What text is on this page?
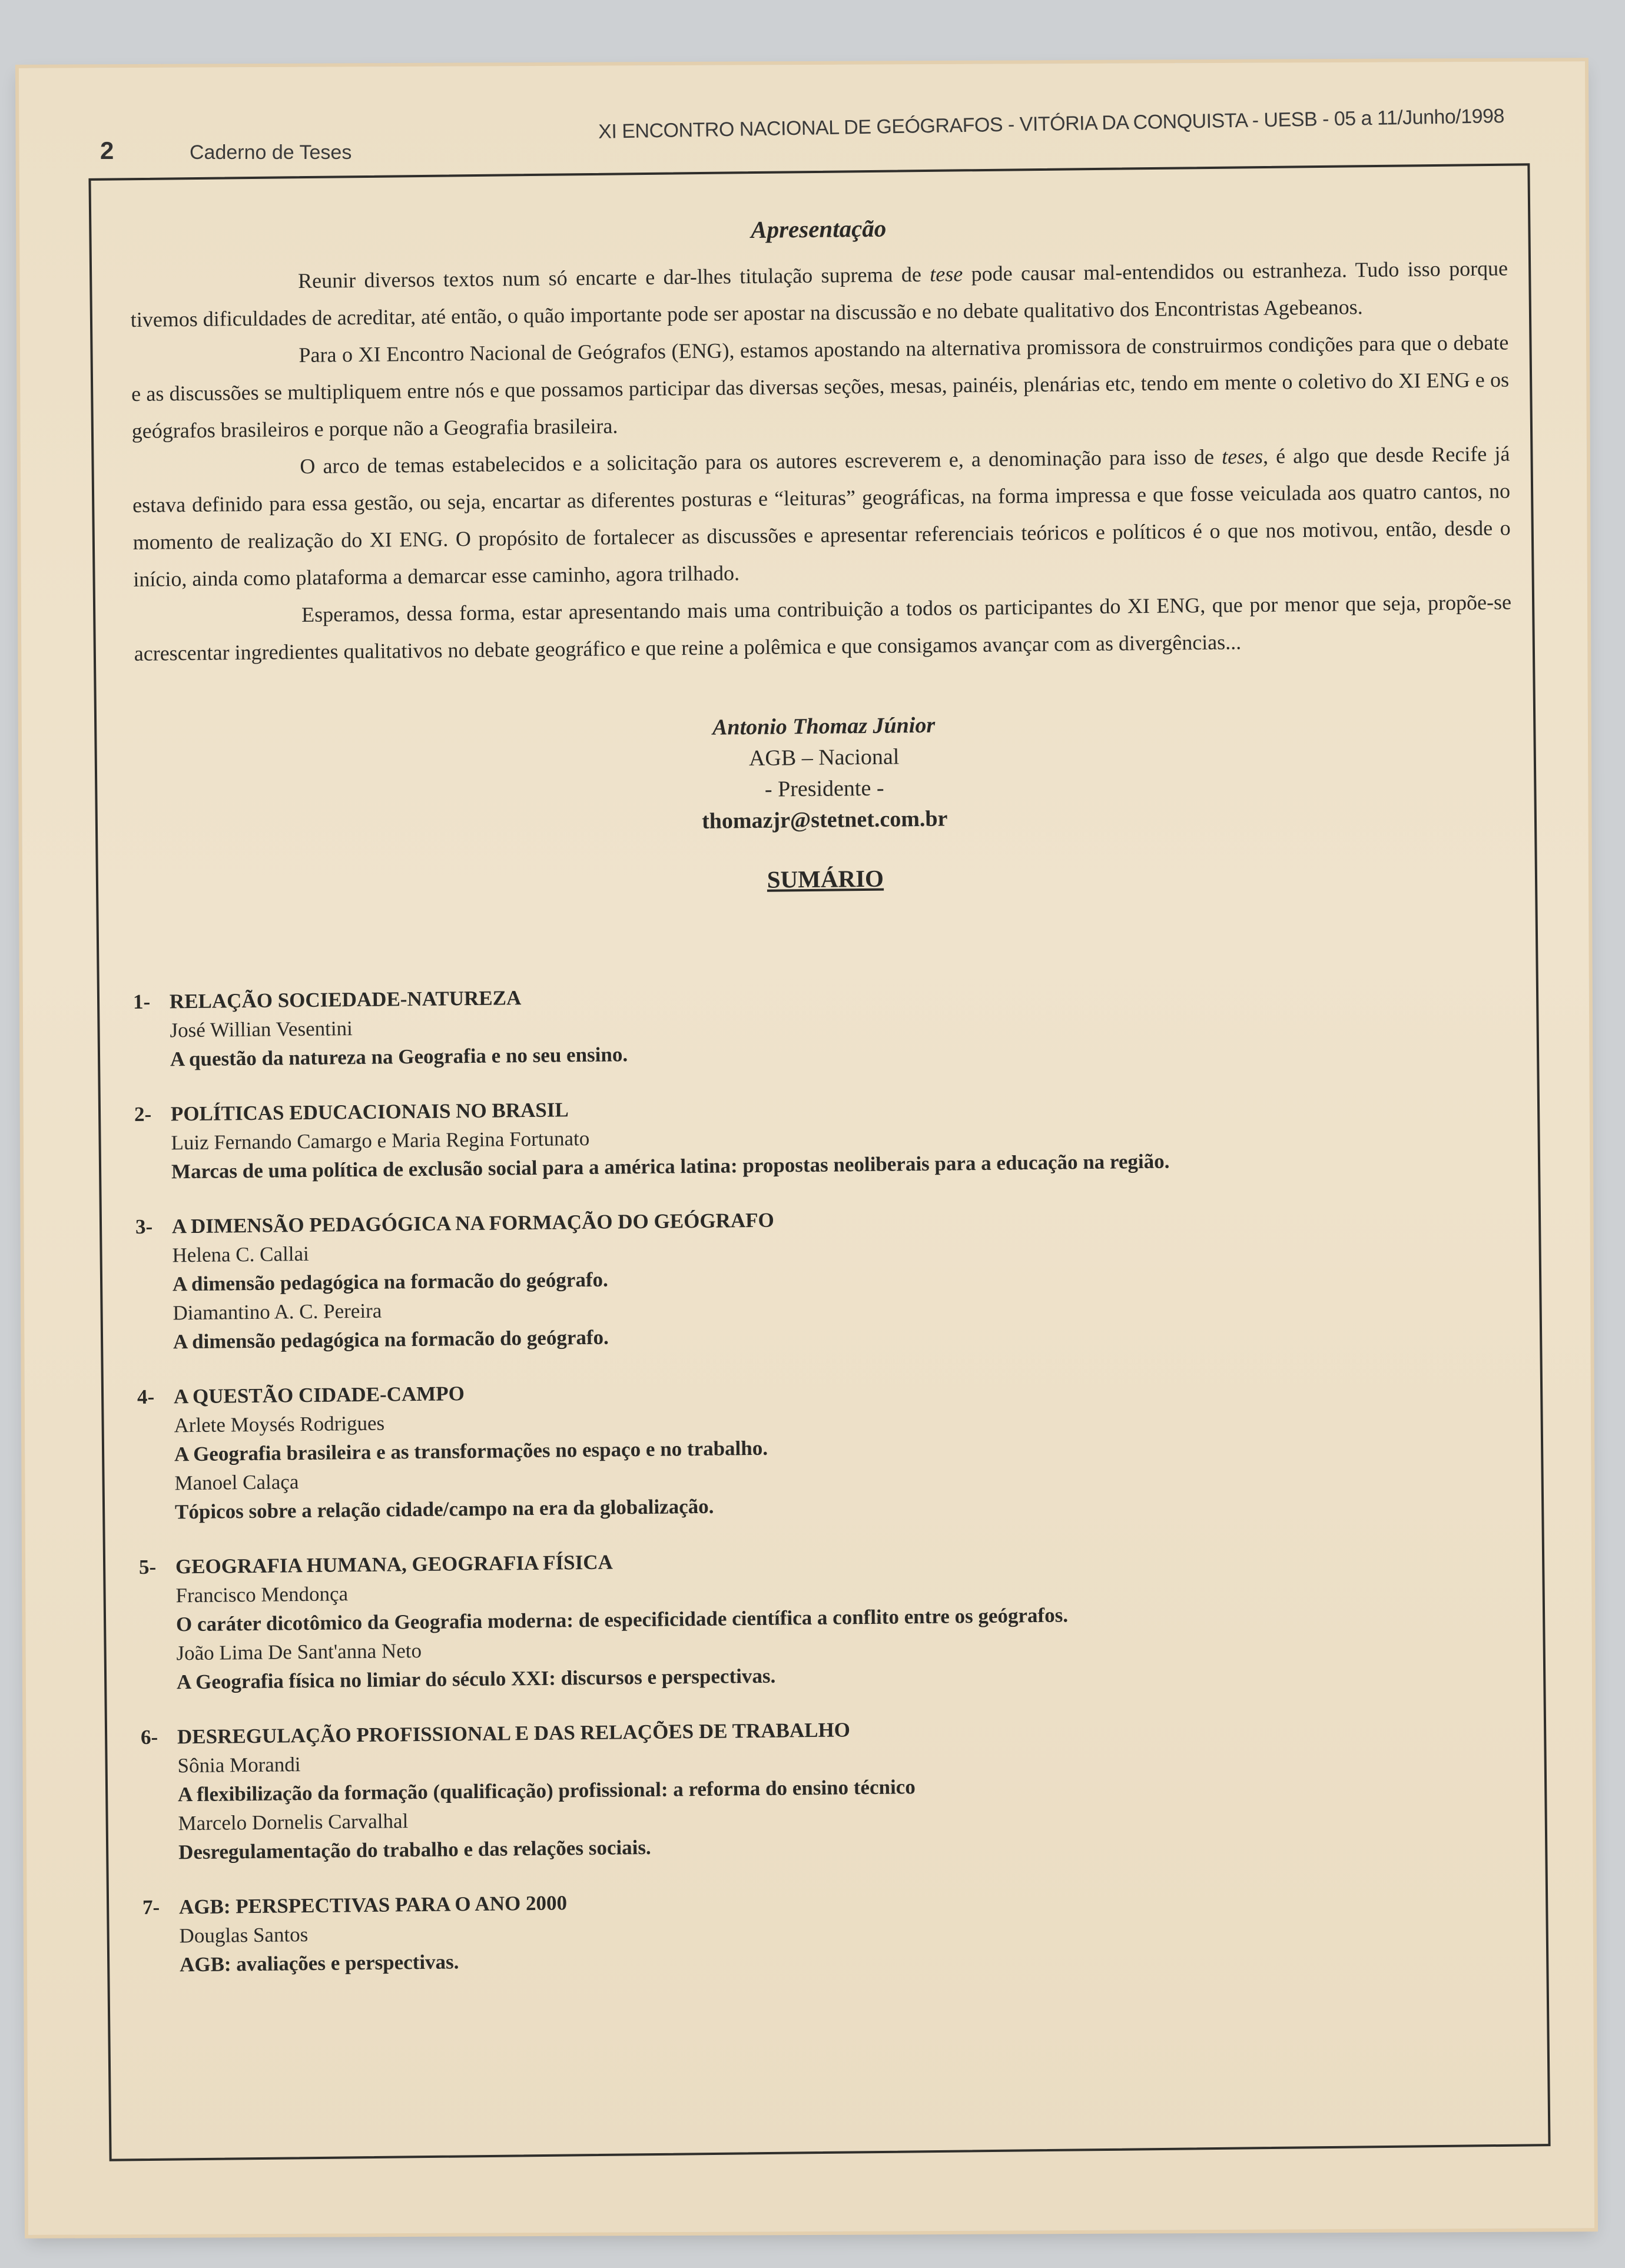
2	Caderno de Teses
XI ENCONTRO NACIONAL DE GEÓGRAFOS - VITÓRIA DA CONQUISTA - UESB - 05 a 11/Junho/1998
Apresentação

Reunir diversos textos num só encarte e dar-lhes titulação suprema de tese pode causar mal-entendidos ou estranheza. Tudo isso porque tivemos dificuldades de acreditar, até então, o quão importante pode ser apostar na discussão e no debate qualitativo dos Encontristas Agebeanos.

Para o XI Encontro Nacional de Geógrafos (ENG), estamos apostando na alternativa promissora de construirmos condições para que o debate e as discussões se multipliquem entre nós e que possamos participar das diversas seções, mesas, painéis, plenárias etc, tendo em mente o coletivo do XI ENG e os geógrafos brasileiros e porque não a Geografia brasileira.

O arco de temas estabelecidos e a solicitação para os autores escreverem e, a denominação para isso de teses, é algo que desde Recife já estava definido para essa gestão, ou seja, encartar as diferentes posturas e “leituras” geográficas, na forma impressa e que fosse veiculada aos quatro cantos, no momento de realização do XI ENG. O propósito de fortalecer as discussões e apresentar referenciais teóricos e políticos é o que nos motivou, então, desde o início, ainda como plataforma a demarcar esse caminho, agora trilhado.

Esperamos, dessa forma, estar apresentando mais uma contribuição a todos os participantes do XI ENG, que por menor que seja, propõe-se acrescentar ingredientes qualitativos no debate geográfico e que reine a polêmica e que consigamos avançar com as divergências...

Antonio Thomaz Júnior
AGB – Nacional
- Presidente -
thomazjr@stetnet.com.br
SUMÁRIO
1- RELAÇÃO SOCIEDADE-NATUREZA
José Willian Vesentini
A questão da natureza na Geografia e no seu ensino.
2- POLÍTICAS EDUCACIONAIS NO BRASIL
Luiz Fernando Camargo e Maria Regina Fortunato
Marcas de uma política de exclusão social para a américa latina: propostas neoliberais para a educação na região.
3- A DIMENSÃO PEDAGÓGICA NA FORMAÇÃO DO GEÓGRAFO
Helena C. Callai
A dimensão pedagógica na formacão do geógrafo.
Diamantino A. C. Pereira
A dimensão pedagógica na formacão do geógrafo.
4- A QUESTÃO CIDADE-CAMPO
Arlete Moysés Rodrigues
A Geografia brasileira e as transformações no espaço e no trabalho.
Manoel Calaça
Tópicos sobre a relação cidade/campo na era da globalização.
5- GEOGRAFIA HUMANA, GEOGRAFIA FÍSICA
Francisco Mendonça
O caráter dicotômico da Geografia moderna: de especificidade científica a conflito entre os geógrafos.
João Lima De Sant'anna Neto
A Geografia física no limiar do século XXI: discursos e perspectivas.
6- DESREGULAÇÃO PROFISSIONAL E DAS RELAÇÕES DE TRABALHO
Sônia Morandi
A flexibilização da formação (qualificação) profissional: a reforma do ensino técnico
Marcelo Dornelis Carvalhal
Desregulamentação do trabalho e das relações sociais.
7- AGB: PERSPECTIVAS PARA O ANO 2000
Douglas Santos
AGB: avaliações e perspectivas.
